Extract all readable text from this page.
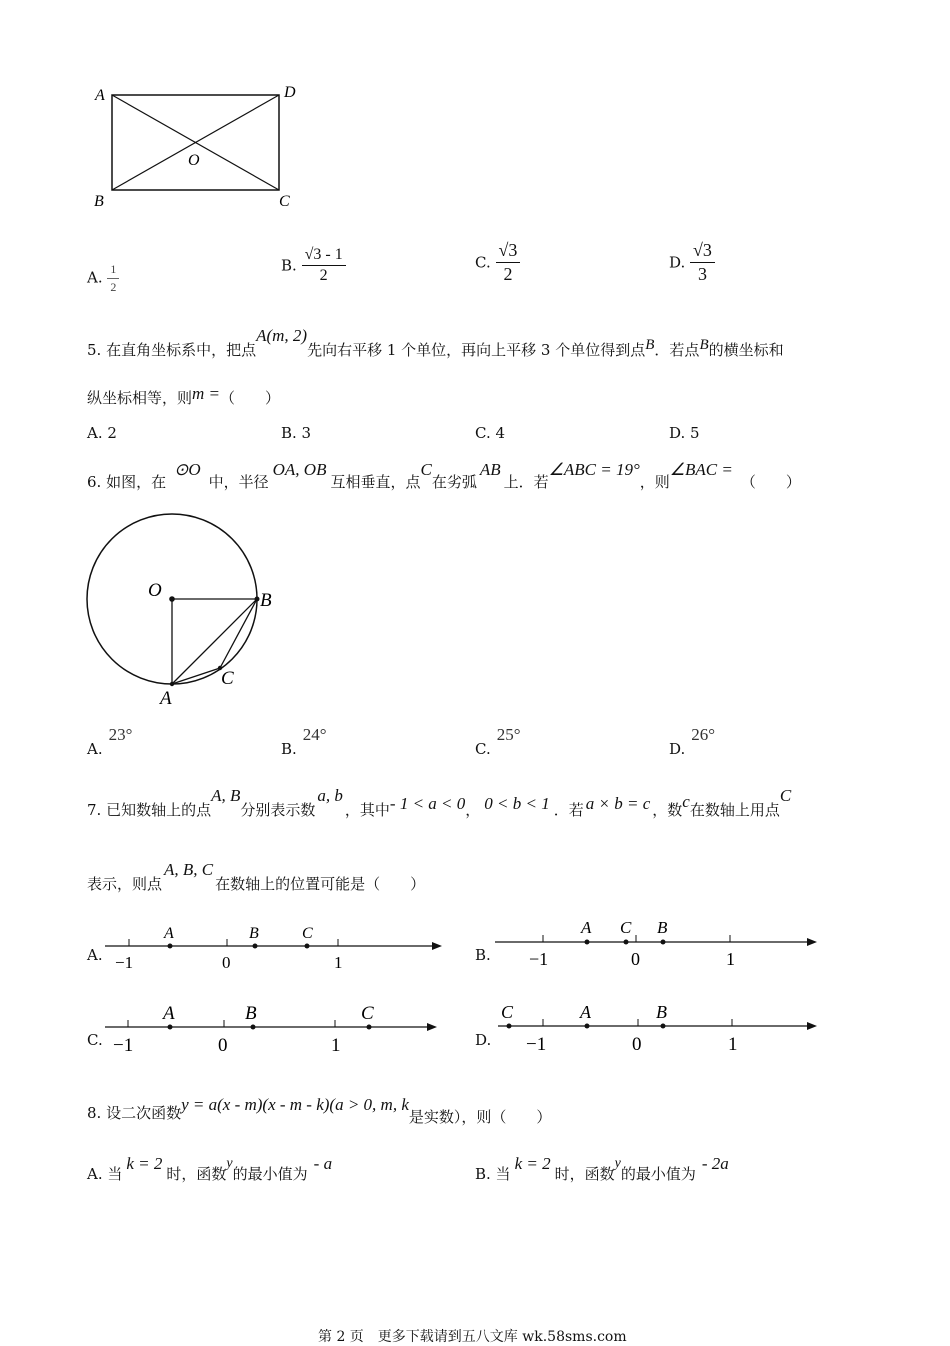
A	D
O
B	C
A. $\frac{1}{2}$	B. $\frac{√3 - 1}{2}$	C. $\frac{√3}{2}$	D. $\frac{√3}{3}$
5. 在直角坐标系中，把点A(m, 2)先向右平移 1 个单位，再向上平移 3 个单位得到点B．若点B的横坐标和
纵坐标相等，则m =（　　）
A. 2	B. 3	C. 4	D. 5
6. 如图，在⊙O中，半径OA, OB互相垂直，点C在劣弧AB上．若∠ABC = 19°，则∠BAC =（　　）
O	B
C
A
A.23°
B.24°
C.25°
D.26°
7. 已知数轴上的点A, B分别表示数a, b，其中- 1 < a < 0， 0 < b < 1 ．若 a × b = c ，数c在数轴上用点C
表示，则点A, B, C在数轴上的位置可能是（　　）
A.
A	B	C
−1	0	1	B.
A C B
−1	0	1
C.
A	B	C
−1	0	1	D.
C	A	B
−1	0	1
8. 设二次函数y = a(x - m)(x - m - k)(a > 0, m, k是实数），则（　　）
A. 当k = 2时，函数y的最小值为- a
B. 当k = 2时，函数y的最小值为- 2a
第 2 页　更多下载请到五八文库 wk.58sms.com
